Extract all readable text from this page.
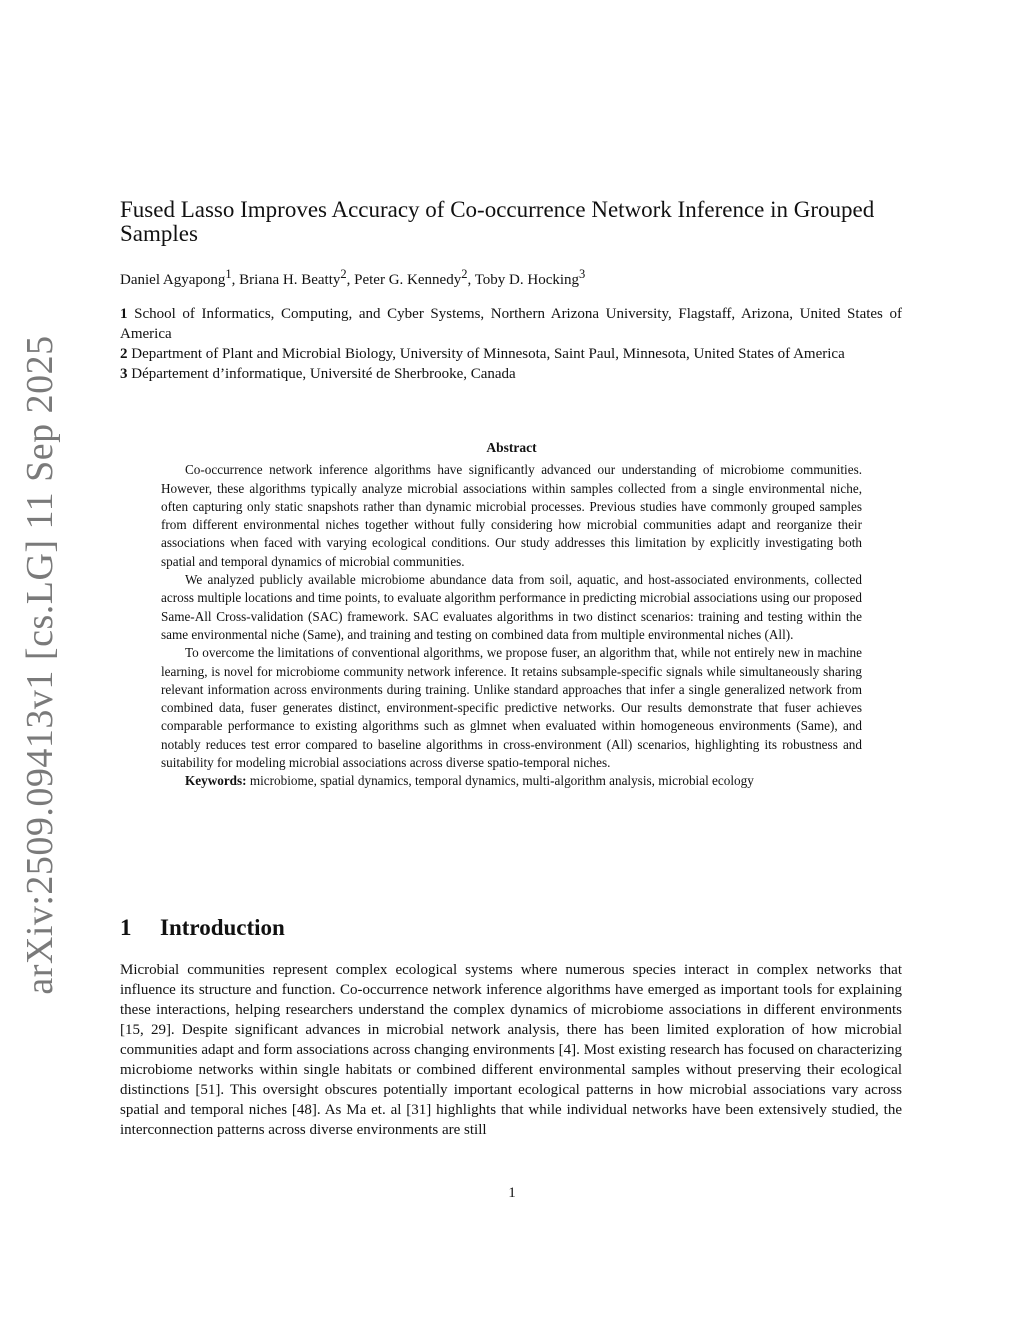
arXiv:2509.09413v1 [cs.LG] 11 Sep 2025
Fused Lasso Improves Accuracy of Co-occurrence Network Inference in Grouped Samples
Daniel Agyapong$^1$, Briana H. Beatty$^2$, Peter G. Kennedy$^2$, Toby D. Hocking$^3$

1 School of Informatics, Computing, and Cyber Systems, Northern Arizona University, Flagstaff, Arizona, United States of America

2 Department of Plant and Microbial Biology, University of Minnesota, Saint Paul, Minnesota, United States of America

3 Département d’informatique, Université de Sherbrooke, Canada

Abstract

Co-occurrence network inference algorithms have significantly advanced our understanding of microbiome communities. However, these algorithms typically analyze microbial associations within samples collected from a single environmental niche, often capturing only static snapshots rather than dynamic microbial processes. Previous studies have commonly grouped samples from different environmental niches together without fully considering how microbial communities adapt and reorganize their associations when faced with varying ecological conditions. Our study addresses this limitation by explicitly investigating both spatial and temporal dynamics of microbial communities.

We analyzed publicly available microbiome abundance data from soil, aquatic, and host-associated environments, collected across multiple locations and time points, to evaluate algorithm performance in predicting microbial associations using our proposed Same-All Cross-validation (SAC) framework. SAC evaluates algorithms in two distinct scenarios: training and testing within the same environmental niche (Same), and training and testing on combined data from multiple environmental niches (All).

To overcome the limitations of conventional algorithms, we propose fuser, an algorithm that, while not entirely new in machine learning, is novel for microbiome community network inference. It retains subsample-specific signals while simultaneously sharing relevant information across environments during training. Unlike standard approaches that infer a single generalized network from combined data, fuser generates distinct, environment-specific predictive networks. Our results demonstrate that fuser achieves comparable performance to existing algorithms such as glmnet when evaluated within homogeneous environments (Same), and notably reduces test error compared to baseline algorithms in cross-environment (All) scenarios, highlighting its robustness and suitability for modeling microbial associations across diverse spatio-temporal niches.

Keywords: microbiome, spatial dynamics, temporal dynamics, multi-algorithm analysis, microbial ecology

1 Introduction

Microbial communities represent complex ecological systems where numerous species interact in complex networks that influence its structure and function. Co-occurrence network inference algorithms have emerged as important tools for explaining these interactions, helping researchers understand the complex dynamics of microbiome associations in different environments [15, 29]. Despite significant advances in microbial network analysis, there has been limited exploration of how microbial communities adapt and form associations across changing environments [4]. Most existing research has focused on characterizing microbiome networks within single habitats or combined different environmental samples without preserving their ecological distinctions [51]. This oversight obscures potentially important ecological patterns in how microbial associations vary across spatial and temporal niches [48]. As Ma et. al [31] highlights that while individual networks have been extensively studied, the interconnection patterns across diverse environments are still

1
